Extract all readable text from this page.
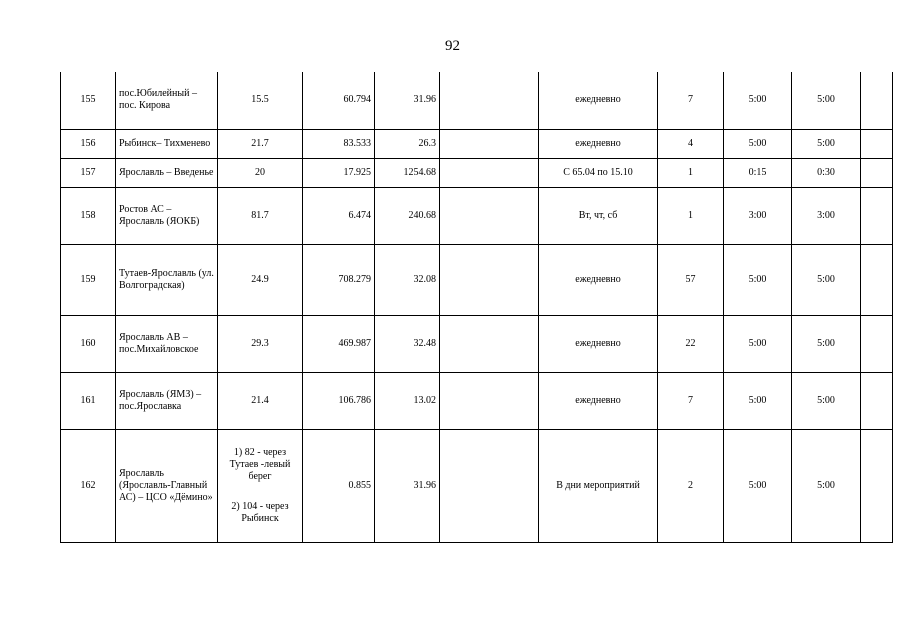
92
155	пос.Юбилейный – пос. Кирова	15.5	60.794	31.96		ежедневно	7	5:00	5:00	
156	Рыбинск– Тихменево	21.7	83.533	26.3		ежедневно	4	5:00	5:00	
157	Ярославль – Введенье	20	17.925	1254.68		С 65.04 по 15.10	1	0:15	0:30	
158	Ростов АС – Ярославль (ЯОКБ)	81.7	6.474	240.68		Вт, чт, сб	1	3:00	3:00	
159	Тутаев-Ярославль (ул. Волгоградская)	24.9	708.279	32.08		ежедневно	57	5:00	5:00	
160	Ярославль АВ – пос.Михайловское	29.3	469.987	32.48		ежедневно	22	5:00	5:00	
161	Ярославль (ЯМЗ) – пос.Ярославка	21.4	106.786	13.02		ежедневно	7	5:00	5:00	
162	Ярославль (Ярославль-Главный АС) – ЦСО «Дёмино»	1) 82 - через Тутаев -левый берег
2) 104 - через Рыбинск	0.855	31.96		В дни мероприятий	2	5:00	5:00	
